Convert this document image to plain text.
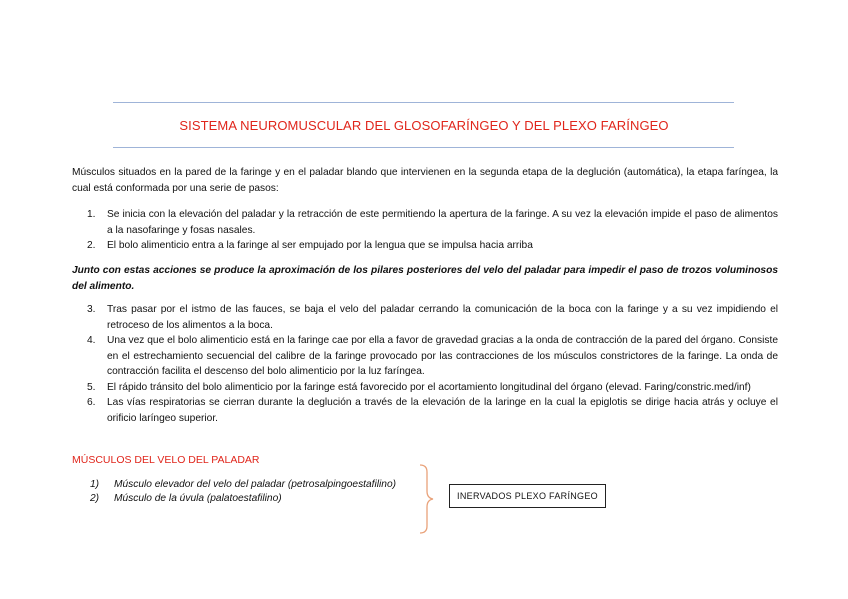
SISTEMA NEUROMUSCULAR DEL GLOSOFARÍNGEO Y DEL PLEXO FARÍNGEO
Músculos situados en la pared de la faringe y en el paladar blando que intervienen en la segunda etapa de la deglución (automática), la etapa faríngea, la cual está conformada por una serie de pasos:
1. Se inicia con la elevación del paladar y la retracción de este permitiendo la apertura de la faringe. A su vez la elevación impide el paso de alimentos a la nasofaringe y fosas nasales.
2. El bolo alimenticio entra a la faringe al ser empujado por la lengua que se impulsa hacia arriba
Junto con estas acciones se produce la aproximación de los pilares posteriores del velo del paladar para impedir el paso de trozos voluminosos del alimento.
3. Tras pasar por el istmo de las fauces, se baja el velo del paladar cerrando la comunicación de la boca con la faringe y a su vez impidiendo el retroceso de los alimentos a la boca.
4. Una vez que el bolo alimenticio está en la faringe cae por ella a favor de gravedad gracias a la onda de contracción de la pared del órgano. Consiste en el estrechamiento secuencial del calibre de la faringe provocado por las contracciones de los músculos constrictores de la faringe. La onda de contracción facilita el descenso del bolo alimenticio por la luz faríngea.
5. El rápido tránsito del bolo alimenticio por la faringe está favorecido por el acortamiento longitudinal del órgano (elevad. Faring/constric.med/inf)
6. Las vías respiratorias se cierran durante la deglución a través de la elevación de la laringe en la cual la epiglotis se dirige hacia atrás y ocluye el orificio laríngeo superior.
MÚSCULOS DEL VELO DEL PALADAR
1) Músculo elevador del velo del paladar (petrosalpingoestafilino)
2) Músculo de la úvula (palatoestafilino)	INERVADOS PLEXO FARÍNGEO
